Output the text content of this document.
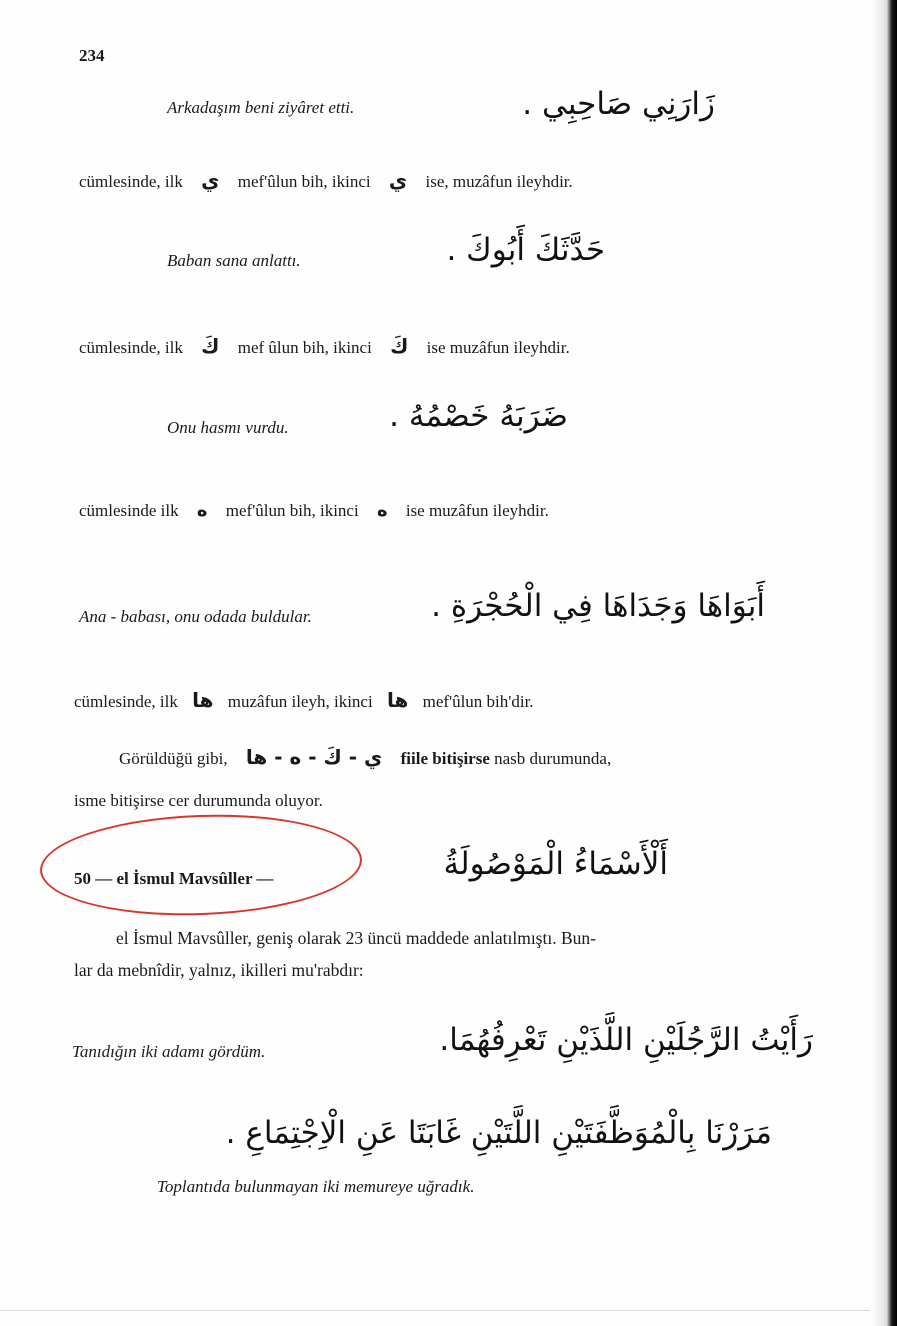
234
Arkadaşım beni ziyâret etti.	زَارَنِي صَاحِبِي .
cümlesinde, ilk ي mef'ûlun bih, ikinci ي ise, muzâfun ileyhdir.
Baban sana anlattı.	حَدَّثَكَ أَبُوكَ .
cümlesinde, ilk كَ mef ûlun bih, ikinci كَ ise muzâfun ileyhdir.
Onu hasmı vurdu.	ضَرَبَهُ خَصْمُهُ .
cümlesinde ilk ه mef'ûlun bih, ikinci ه ise muzâfun ileyhdir.
Ana - babası, onu odada buldular.	أَبَوَاهَا وَجَدَاهَا فِي الْحُجْرَةِ .
cümlesinde, ilk ها muzâfun ileyh, ikinci ها mef'ûlun bih'dir.
Görüldüğü gibi, ي - كَ - ه - ها fiile bitişirse nasb durumunda,
isme bitişirse cer durumunda oluyor.
50 — el İsmul Mavsûller —	أَلْأَسْمَاءُ الْمَوْصُولَةُ
el İsmul Mavsûller, geniş olarak 23 üncü maddede anlatılmıştı. Bun-
lar da mebnîdir, yalnız, ikilleri mu'rabdır:
Tanıdığın iki adamı gördüm.	رَأَيْتُ الرَّجُلَيْنِ اللَّذَيْنِ تَعْرِفُهُمَا.
مَرَرْنَا بِالْمُوَظَّفَتَيْنِ اللَّتَيْنِ غَابَتَا عَنِ الْاِجْتِمَاعِ .
Toplantıda bulunmayan iki memureye uğradık.
